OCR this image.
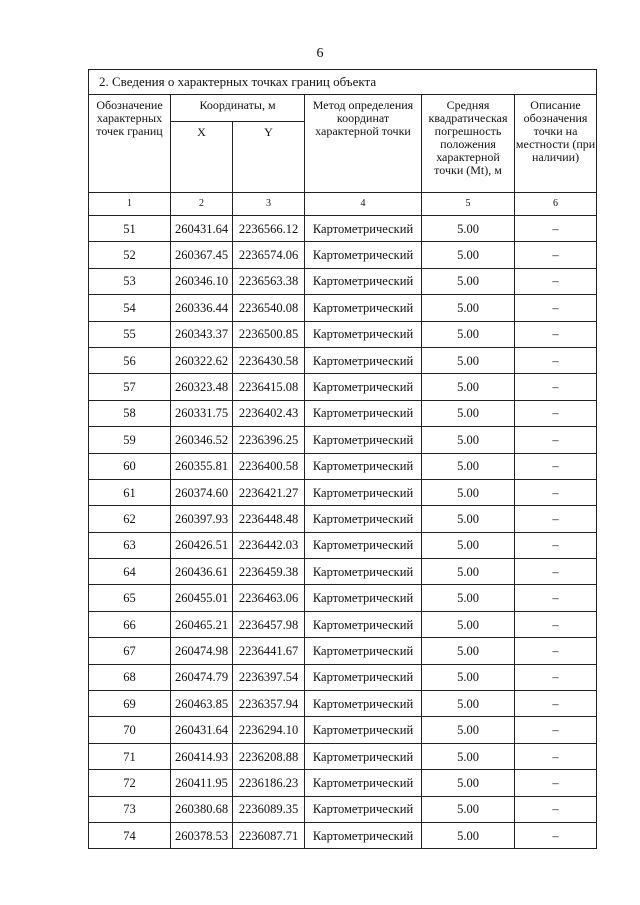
6
2. Сведения о характерных точках границ объекта					
Обозначение характерных точек границ	Координаты, м		Метод определения координат характерной точки	Средняя квадратическая погрешность положения характерной точки (Mt), м	Описание обозначения точки на местности (при наличии)
	X	Y			
1	2	3	4	5	6
51	260431.64	2236566.12	Картометрический	5.00	–
52	260367.45	2236574.06	Картометрический	5.00	–
53	260346.10	2236563.38	Картометрический	5.00	–
54	260336.44	2236540.08	Картометрический	5.00	–
55	260343.37	2236500.85	Картометрический	5.00	–
56	260322.62	2236430.58	Картометрический	5.00	–
57	260323.48	2236415.08	Картометрический	5.00	–
58	260331.75	2236402.43	Картометрический	5.00	–
59	260346.52	2236396.25	Картометрический	5.00	–
60	260355.81	2236400.58	Картометрический	5.00	–
61	260374.60	2236421.27	Картометрический	5.00	–
62	260397.93	2236448.48	Картометрический	5.00	–
63	260426.51	2236442.03	Картометрический	5.00	–
64	260436.61	2236459.38	Картометрический	5.00	–
65	260455.01	2236463.06	Картометрический	5.00	–
66	260465.21	2236457.98	Картометрический	5.00	–
67	260474.98	2236441.67	Картометрический	5.00	–
68	260474.79	2236397.54	Картометрический	5.00	–
69	260463.85	2236357.94	Картометрический	5.00	–
70	260431.64	2236294.10	Картометрический	5.00	–
71	260414.93	2236208.88	Картометрический	5.00	–
72	260411.95	2236186.23	Картометрический	5.00	–
73	260380.68	2236089.35	Картометрический	5.00	–
74	260378.53	2236087.71	Картометрический	5.00	–
